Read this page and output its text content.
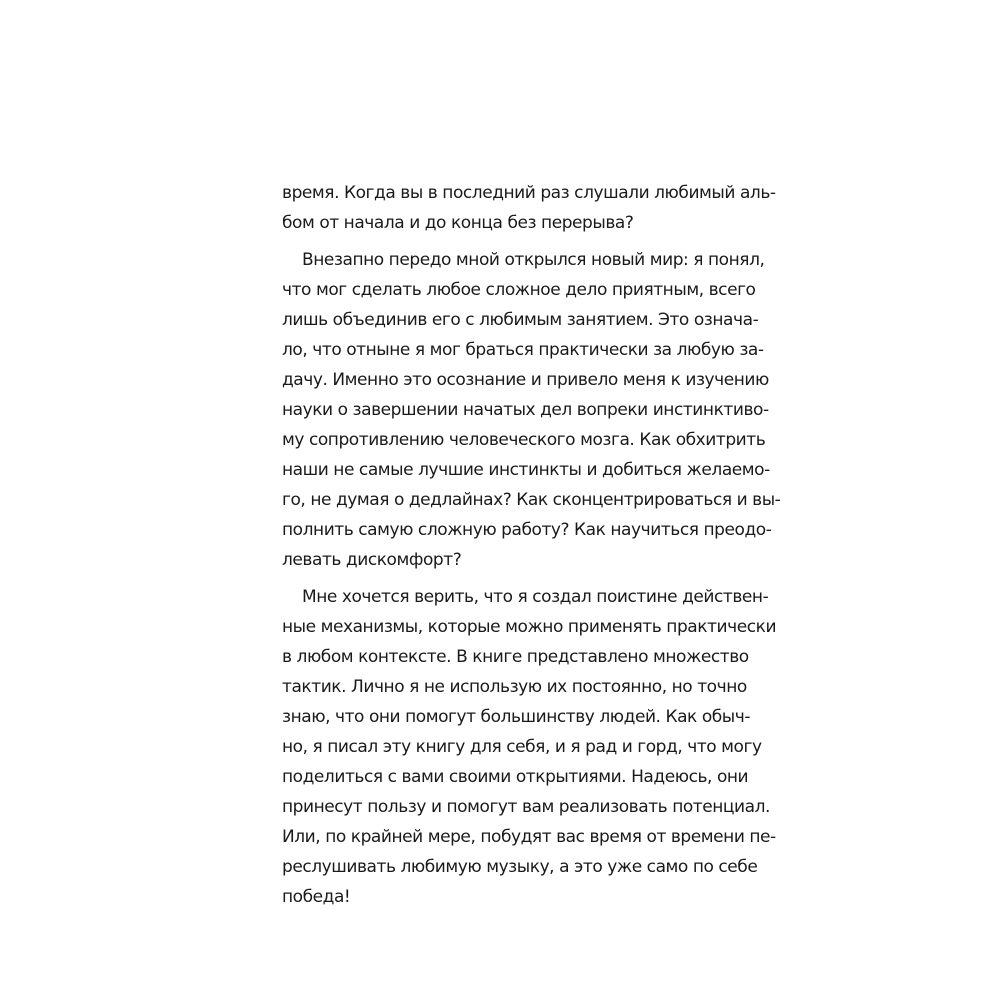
время. Когда вы в последний раз слушали любимый аль-
бом от начала и до конца без перерыва?
Внезапно передо мной открылся новый мир: я понял,
что мог сделать любое сложное дело приятным, всего
лишь объединив его с любимым занятием. Это означа-
ло, что отныне я мог браться практически за любую за-
дачу. Именно это осознание и привело меня к изучению
науки о завершении начатых дел вопреки инстинктиво-
му сопротивлению человеческого мозга. Как обхитрить
наши не самые лучшие инстинкты и добиться желаемо-
го, не думая о дедлайнах? Как сконцентрироваться и вы-
полнить самую сложную работу? Как научиться преодо-
левать дискомфорт?
Мне хочется верить, что я создал поистине действен-
ные механизмы, которые можно применять практически
в любом контексте. В книге представлено множество
тактик. Лично я не использую их постоянно, но точно
знаю, что они помогут большинству людей. Как обыч-
но, я писал эту книгу для себя, и я рад и горд, что могу
поделиться с вами своими открытиями. Надеюсь, они
принесут пользу и помогут вам реализовать потенциал.
Или, по крайней мере, побудят вас время от времени пе-
реслушивать любимую музыку, а это уже само по себе
победа!
